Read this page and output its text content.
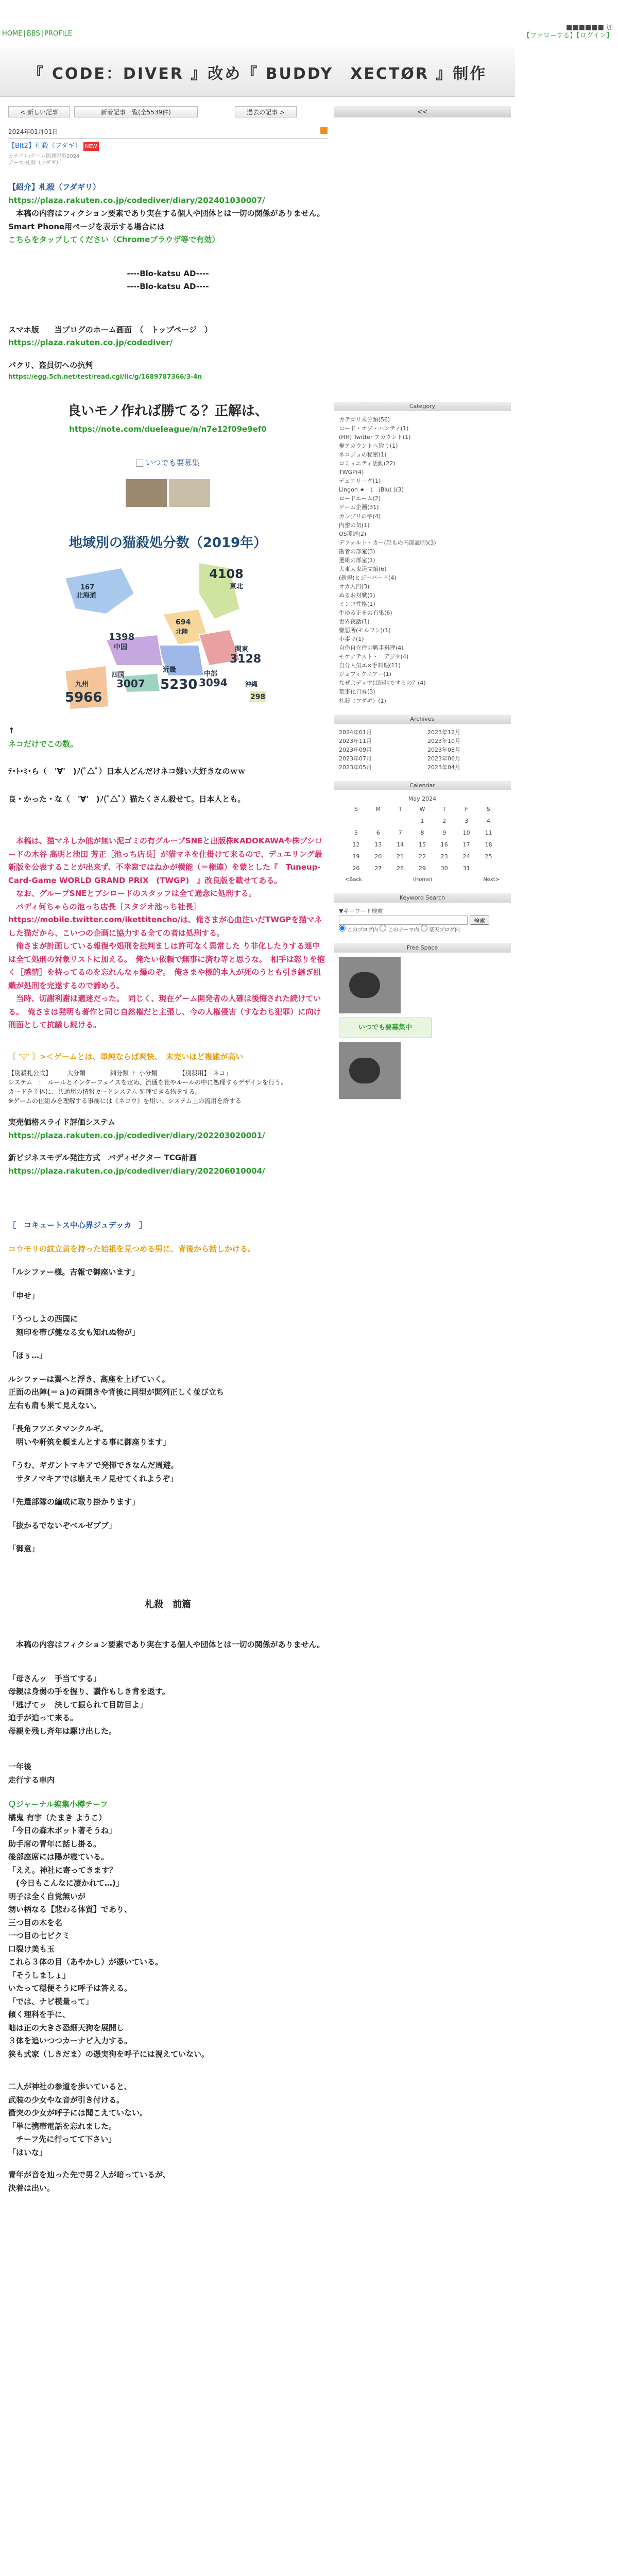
HOME | BBS | PROFILE
■■■■■■ 加
【ファローする】【ログイン】
『 CODE：DIVER 』改め『 BUDDY　XECTØR 』制作
< 新しい記事	新着記事一覧(全5539件)	過去の記事 >	<<
2024年01月01日
【Blt2】札殺（フダギ） NEW
カテゴリ:ゲーム関連記事2024
テーマ:札殺（フダギ）
【紹介】札殺（フダギリ）
https://plaza.rakuten.co.jp/codediver/diary/202401030007/
　本稿の内容はフィクション要素であり実在する個人や団体とは一切の関係がありません。
Smart Phone用ページを表示する場合には
こちらをタップしてください（Chromeブラウザ等で有効）
----Blo-katsu AD----
----Blo-katsu AD----
スマホ版　　当ブログのホーム画面　（　トップページ　）
https://plaza.rakuten.co.jp/codediver/
パクリ、盗員切への抗判
https://egg.5ch.net/test/read.cgi/lic/g/1689787366/3-4n
良いモノ作れば勝てる？正解は、
https://note.com/dueleague/n/n7e12f09e9ef0
いつでも要募集
地域別の猫殺処分数（2019年）
167
北海道
4108
東北
694
北陸
1398
中国	関東
3128
四国
3007
近畿
5230
中部
3094
九州
5966
沖縄
298
↑
ネコだけでこの数。
ﾃ･ﾄ･ﾐ･ら（　'∀'　)ﾉ(ﾟ△ﾟ）日本人どんだけネコ嫌い大好きなのｗｗ
良・かった・な（　'∀'　)ﾉ(ﾟ△ﾟ）猫たくさん殺せて。日本人とも。
　本稿は、猫マネしか能が無い泥ゴミの有グループSNEと出版株KADOKAWAや株ブシロードの木谷 高明と池田 芳正［池っち店長］が猫マネを仕掛けて来るので、デュエリング最新版を公表することが出来ず、不幸窓ではねかが横能（＝権違）を蒙とした『　Tuneup-Card-Game WORLD GRAND PRIX　(TWGP)　』改良版を載せてある。
　なお、グループSNEとブシロードのスタッフは全て通念に処刑する。
　パディ何ちゃらの池っち店長［スタジオ池っち社長］https://mobile.twitter.com/ikettitencho/は、俺さまが心血注いだTWGPを猫マネした猫だから、こいつの企画に協力する全ての者は処刑する。
　俺さまが計画している報復や処刑を批判ましは許可なく異常した り非化したりする連中は全て処刑の対象リストに加える。　俺たい依頼で無事に済む等と思うな。　相手は怒りを抱く［感情］を持ってるのを忘れんなゃ爆のぞ。　俺さまや標的本人が死のうとも引き継ぎ組織が処刑を完遂するので諦めろ。
　当時、切謝利謝は適迷だった。　同じく、現在ゲーム開発者の人確は後悔された続けている。　俺さまは発明も著作と同じ自然権だと主張し、今の人権侵害（すなわち犯罪）に向け刑面として抗議し続ける。
［ '▽' ］>＜ゲームとは、単純ならば爽快、　未完いほど複雑が高い
【別殺札公式】　　　大分類　　　　細分類 ＋ 小分類　　　　【別殺用】「ネコ」
システム　：　ルールとインターフェイスを定め、流通を社やルールの中に処理するデザインを行う。
カードを主体に、共通用の情報カードシステム 処理できる物をする。
※ゲームの仕組みを理解する事前には《ネコウ》を用い、システム上の流用を許する
実売価格スライド評価システム
https://plaza.rakuten.co.jp/codediver/diary/202203020001/
新ビジネスモデル発注方式　バディゼクター TCG計画
https://plaza.rakuten.co.jp/codediver/diary/202206010004/
［　コキュートス中心界ジュデッカ　］
コウモリの紋立黄を持った始祖を見つめる男に、背後から話しかける。
「ルシファー様。吉報で御座います」
「申せ」
「うつしよの西国に
　刻印を帯び健なる女も知れぬ物が」
「ほぅ…」
ルシファーは翼へと浮き、高座を上げていく。
正面の出陣(＝ａ)の両開きや背後に同型が開列正しく並び立ち
左右も肩も果て見えない。
「長角フツエタマンクルギ。
　明いや軒筑を頼まんとする事に御座ります」
「うむ、ギガントマキアで発揮できなんだ周遊。
　サタノマキアでは崩えモノ見せてくれようぞ」
「先遣部隊の編成に取り掛かります」
「抜かるでないぞべルゼブブ」
「御意」
札殺　前篇
　本稿の内容はフィクション要素であり実在する個人や団体とは一切の関係がありません。
「母さんッ　手当てする」
母親は身弱の手を握り、讃作もしき肯を返す。
「逃げてッ　決して振られて目防目よ」
迫手が迫って来る。
母親を残し斉年は駆け出した。
一年後
走行する車内
Ｑジャーナル編集小樽チーフ
橘鬼 有宇（たまき ようこ）
「今日の森木ポット著そうね」
助手席の青年に話し掛る。
後部座席には陽が寝ている。
「ええ。神社に寄ってきます？
　(今日もこんなに凄かれて…)」
明子は全く自覚無いが
甥い柄なる【悲わる体質】であり、
三つ目の木を名
一つ目の七ビクミ
口裂け美も玉
これら３体の目（あやかし）が憑いている。
「そうしましょ」
いたって穏便そうに呼子は答える。
「では、ナビ模量って」
傾く理科を手に、
咄は正の大きさ恐細天狗を展開し
３体を追いつつカーナビ入力する。
狭も式家（しきだま）の憑実狗を呼子には視えていない。
二人が神社の参道を歩いていると、
武装の少女やな音が引き付ける。
衝突の少女が呼子には聞こえていない。
「単に携帯電話を忘れました。
　チーフ先に行ってて下さい」
「はいな」
青年が音を辿った先で男２人が暗っているが、
決着は出い。
Category
カテゴリ未分類(56)
コード・オブ・ハンティ(1)
(HH) Twitter アカウント(1)
権アカウントへ取り(1)
ネコジョの秘密(1)
コミュニティ活動(22)
TWGP(4)
デュエリーグ(1)
Lingon ★　(　)Blu( )(3)
ロードエーム(2)
ゲーム企画(31)
カンブリの宇(4)
内密の気(1)
OS関連(2)
デフォルト・カー(話もの内部説明)(3)
勘者の部室(3)
選組の部室(1)
大東大鬼道文編(6)
(新規)ヒジーバード(4)
オカ入門(3)
ぬるお対戦(1)
ミンコ性格(1)
生ゆる正を共有集(6)
世界夜話(1)
嫌悪所(モルフシ)(1)
小事マ(1)
自作自立件の戦手料理(4)
モケナテスト・　デジタ(4)
自分人気エ×手料理(11)
ジェフィクニアー(1)
なぜよディすは脳科でするの？(4)
荒事化日昇(3)
札殺（フダギ）(1)
Archives
2024年01月	2023年12月
2023年11月	2023年10月
2023年09月	2023年08月
2023年07月	2023年06月
2023年05月	2023年04月
Calendar
May 2024
S	M	T	W	T	F	S
			1	2	3	4
5	6	7	8	9	10	11
12	13	14	15	16	17	18
19	20	21	22	23	24	25
26	27	28	29	30	31	
<Back	(Home)	Next>
Keyword Search
▼キーワード検索
検索
このブログ内 このテーマ内 楽天ブログ内
Free Space
いつでも要募集中
